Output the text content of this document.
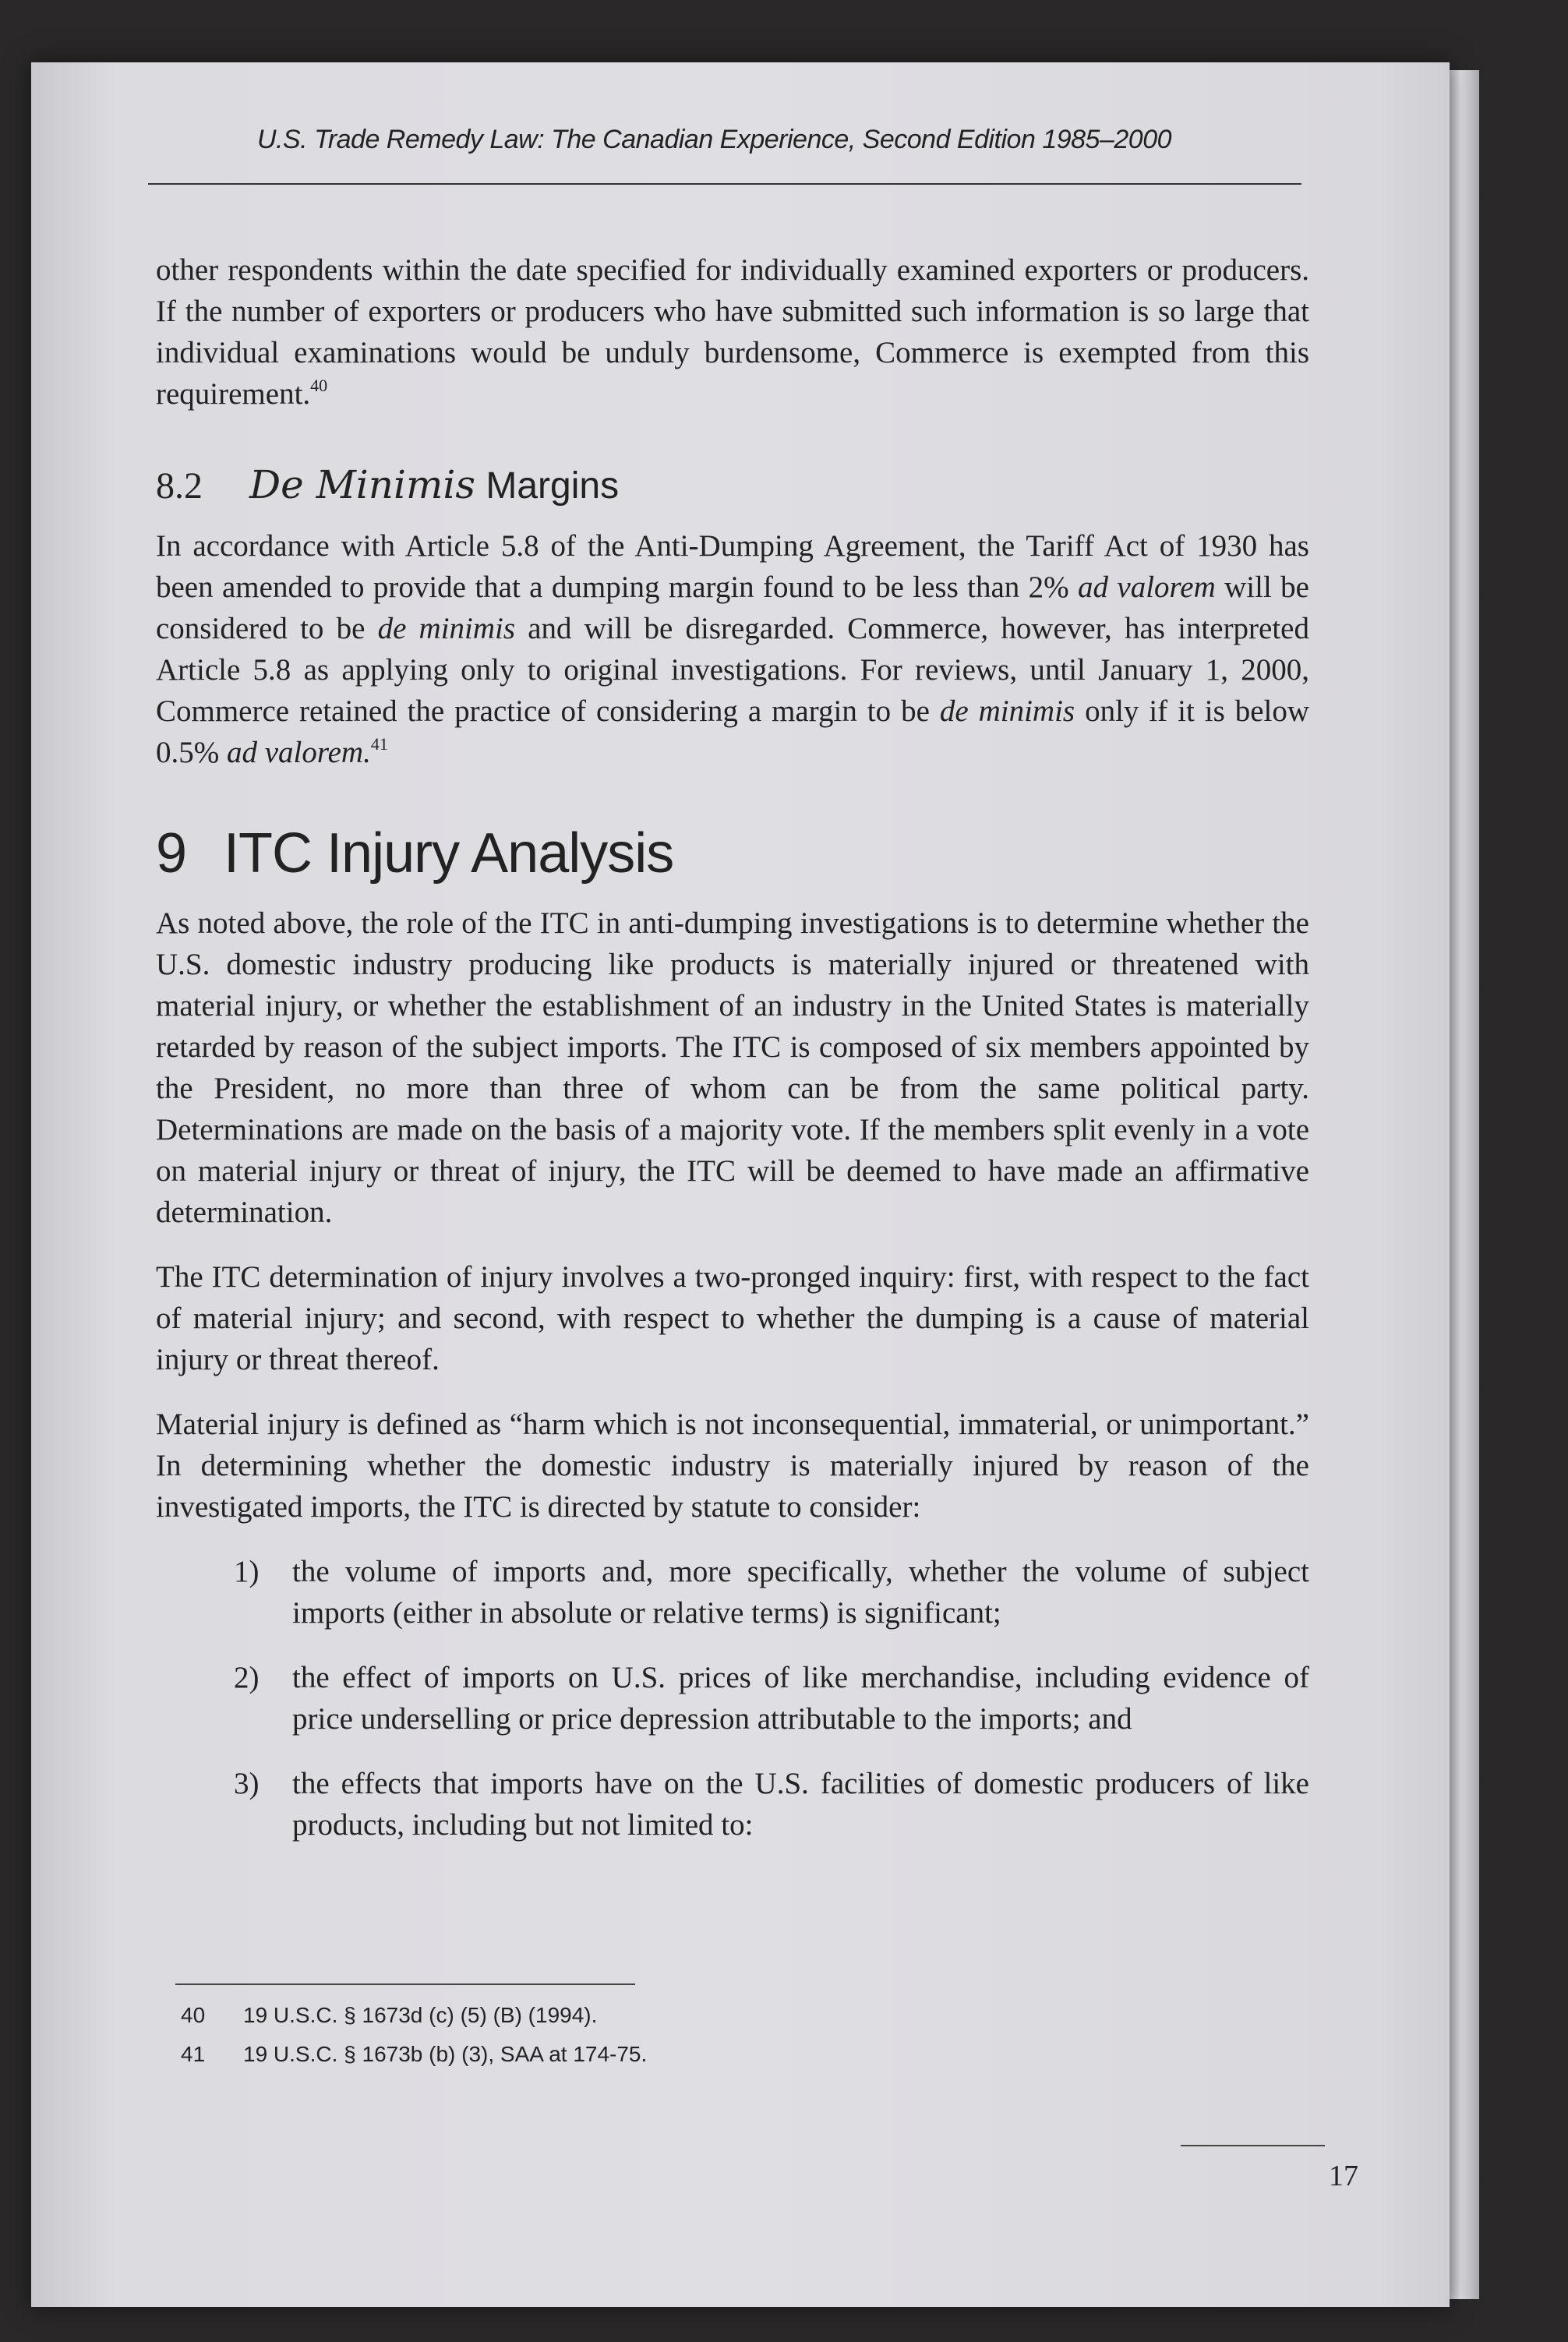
U.S. Trade Remedy Law: The Canadian Experience, Second Edition 1985–2000

other respondents within the date specified for individually examined exporters or producers. If the number of exporters or producers who have submitted such information is so large that individual examinations would be unduly burdensome, Commerce is exempted from this requirement.$^{40}$

8.2 De Minimis Margins

In accordance with Article 5.8 of the Anti-Dumping Agreement, the Tariff Act of 1930 has been amended to provide that a dumping margin found to be less than 2% ad valorem will be considered to be de minimis and will be disregarded. Commerce, however, has interpreted Article 5.8 as applying only to original investigations. For reviews, until January 1, 2000, Commerce retained the practice of considering a margin to be de minimis only if it is below 0.5% ad valorem.$^{41}$

9 ITC Injury Analysis

As noted above, the role of the ITC in anti-dumping investigations is to determine whether the U.S. domestic industry producing like products is materially injured or threatened with material injury, or whether the establishment of an industry in the United States is materially retarded by reason of the subject imports. The ITC is composed of six members appointed by the President, no more than three of whom can be from the same political party. Determinations are made on the basis of a majority vote. If the members split evenly in a vote on material injury or threat of injury, the ITC will be deemed to have made an affirmative determination.

The ITC determination of injury involves a two-pronged inquiry: first, with respect to the fact of material injury; and second, with respect to whether the dumping is a cause of material injury or threat thereof.

Material injury is defined as “harm which is not inconsequential, immaterial, or unimportant.” In determining whether the domestic industry is materially injured by reason of the investigated imports, the ITC is directed by statute to consider:

1) the volume of imports and, more specifically, whether the volume of subject imports (either in absolute or relative terms) is significant;
2) the effect of imports on U.S. prices of like merchandise, including evidence of price underselling or price depression attributable to the imports; and
3) the effects that imports have on the U.S. facilities of domestic producers of like products, including but not limited to:
40	19 U.S.C. § 1673d (c) (5) (B) (1994).
41	19 U.S.C. § 1673b (b) (3), SAA at 174-75.
17
